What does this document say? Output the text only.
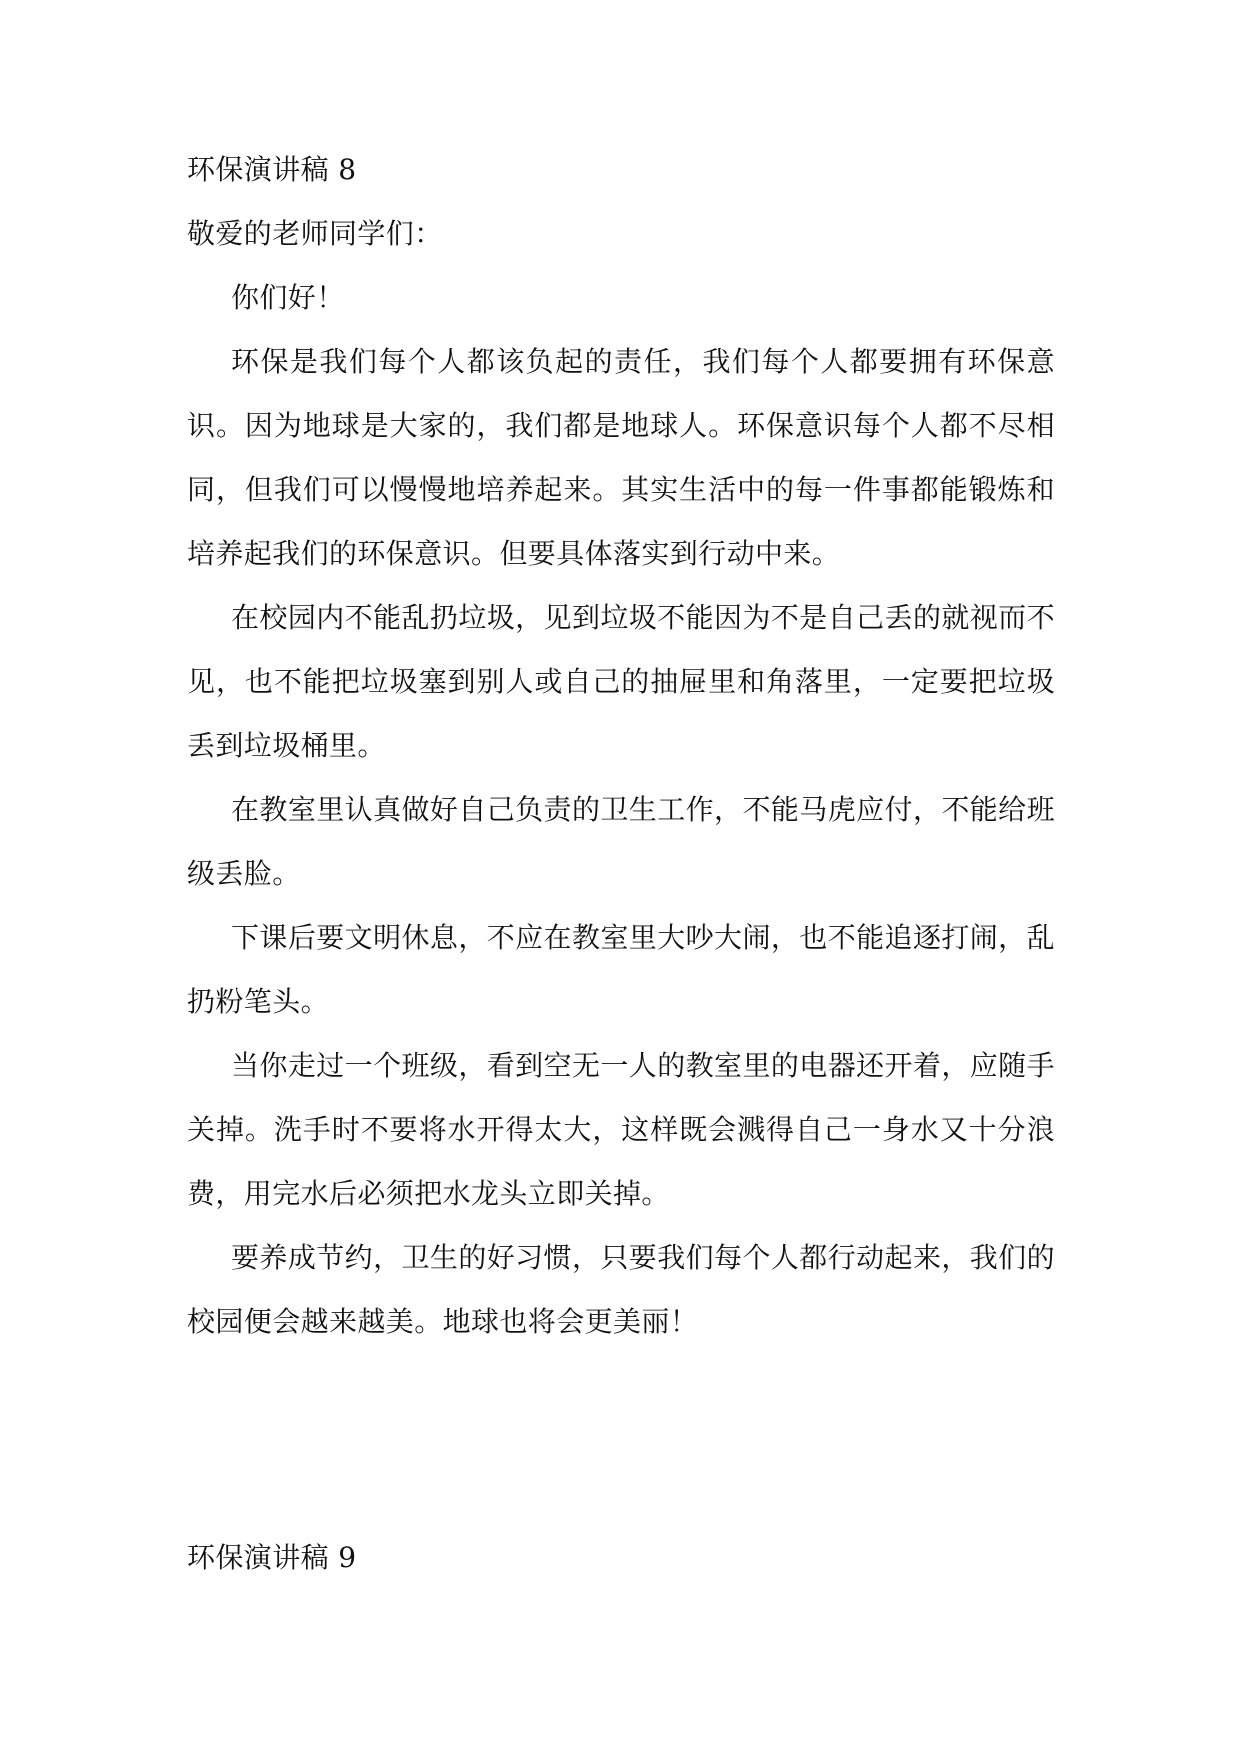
环保演讲稿 8
敬爱的老师同学们：

你们好！

环保是我们每个人都该负起的责任，我们每个人都要拥有环保意识。因为地球是大家的，我们都是地球人。环保意识每个人都不尽相同，但我们可以慢慢地培养起来。其实生活中的每一件事都能锻炼和培养起我们的环保意识。但要具体落实到行动中来。

在校园内不能乱扔垃圾，见到垃圾不能因为不是自己丢的就视而不见，也不能把垃圾塞到别人或自己的抽屉里和角落里，一定要把垃圾丢到垃圾桶里。

在教室里认真做好自己负责的卫生工作，不能马虎应付，不能给班级丢脸。

下课后要文明休息，不应在教室里大吵大闹，也不能追逐打闹，乱扔粉笔头。

当你走过一个班级，看到空无一人的教室里的电器还开着，应随手关掉。洗手时不要将水开得太大，这样既会溅得自己一身水又十分浪费，用完水后必须把水龙头立即关掉。

要养成节约，卫生的好习惯，只要我们每个人都行动起来，我们的校园便会越来越美。地球也将会更美丽！

环保演讲稿 9
